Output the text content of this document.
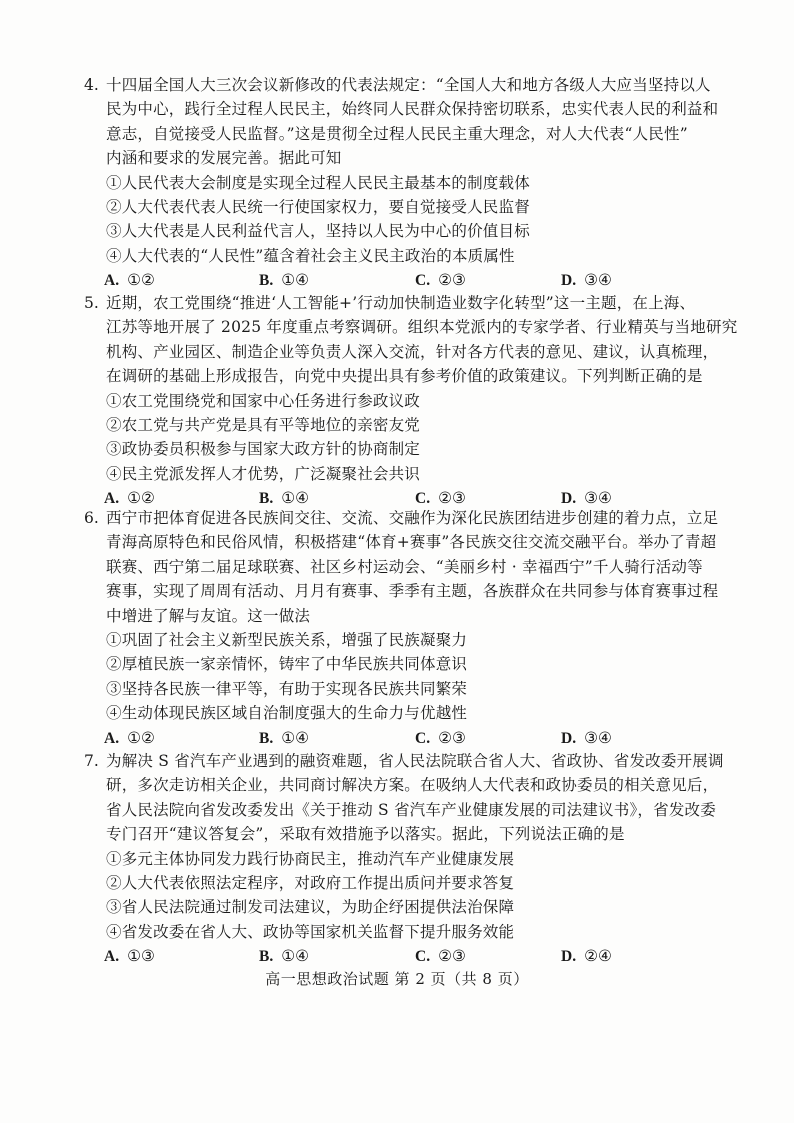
4. 十四届全国人大三次会议新修改的代表法规定：“全国人大和地方各级人大应当坚持以人
民为中心，践行全过程人民民主，始终同人民群众保持密切联系，忠实代表人民的利益和
意志，自觉接受人民监督。”这是贯彻全过程人民民主重大理念，对人大代表“人民性”
内涵和要求的发展完善。据此可知
①人民代表大会制度是实现全过程人民民主最基本的制度载体
②人大代表代表人民统一行使国家权力，要自觉接受人民监督
③人大代表是人民利益代言人，坚持以人民为中心的价值目标
④人大代表的“人民性”蕴含着社会主义民主政治的本质属性
A. ①②	B. ①④	C. ②③	D. ③④
5. 近期，农工党围绕“推进‘人工智能+’行动加快制造业数字化转型”这一主题，在上海、
江苏等地开展了 2025 年度重点考察调研。组织本党派内的专家学者、行业精英与当地研究
机构、产业园区、制造企业等负责人深入交流，针对各方代表的意见、建议，认真梳理，
在调研的基础上形成报告，向党中央提出具有参考价值的政策建议。下列判断正确的是
①农工党围绕党和国家中心任务进行参政议政
②农工党与共产党是具有平等地位的亲密友党
③政协委员积极参与国家大政方针的协商制定
④民主党派发挥人才优势，广泛凝聚社会共识
A. ①②	B. ①④	C. ②③	D. ③④
6. 西宁市把体育促进各民族间交往、交流、交融作为深化民族团结进步创建的着力点，立足
青海高原特色和民俗风情，积极搭建“体育+赛事”各民族交往交流交融平台。举办了青超
联赛、西宁第二届足球联赛、社区乡村运动会、“美丽乡村 · 幸福西宁”千人骑行活动等
赛事，实现了周周有活动、月月有赛事、季季有主题，各族群众在共同参与体育赛事过程
中增进了解与友谊。这一做法
①巩固了社会主义新型民族关系，增强了民族凝聚力
②厚植民族一家亲情怀，铸牢了中华民族共同体意识
③坚持各民族一律平等，有助于实现各民族共同繁荣
④生动体现民族区域自治制度强大的生命力与优越性
A. ①②	B. ①④	C. ②③	D. ③④
7. 为解决 S 省汽车产业遇到的融资难题，省人民法院联合省人大、省政协、省发改委开展调
研，多次走访相关企业，共同商讨解决方案。在吸纳人大代表和政协委员的相关意见后，
省人民法院向省发改委发出《关于推动 S 省汽车产业健康发展的司法建议书》，省发改委
专门召开“建议答复会”，采取有效措施予以落实。据此，下列说法正确的是
①多元主体协同发力践行协商民主，推动汽车产业健康发展
②人大代表依照法定程序，对政府工作提出质问并要求答复
③省人民法院通过制发司法建议，为助企纾困提供法治保障
④省发改委在省人大、政协等国家机关监督下提升服务效能
A. ①③	B. ①④	C. ②③	D. ②④
高一思想政治试题 第 2 页（共 8 页）
